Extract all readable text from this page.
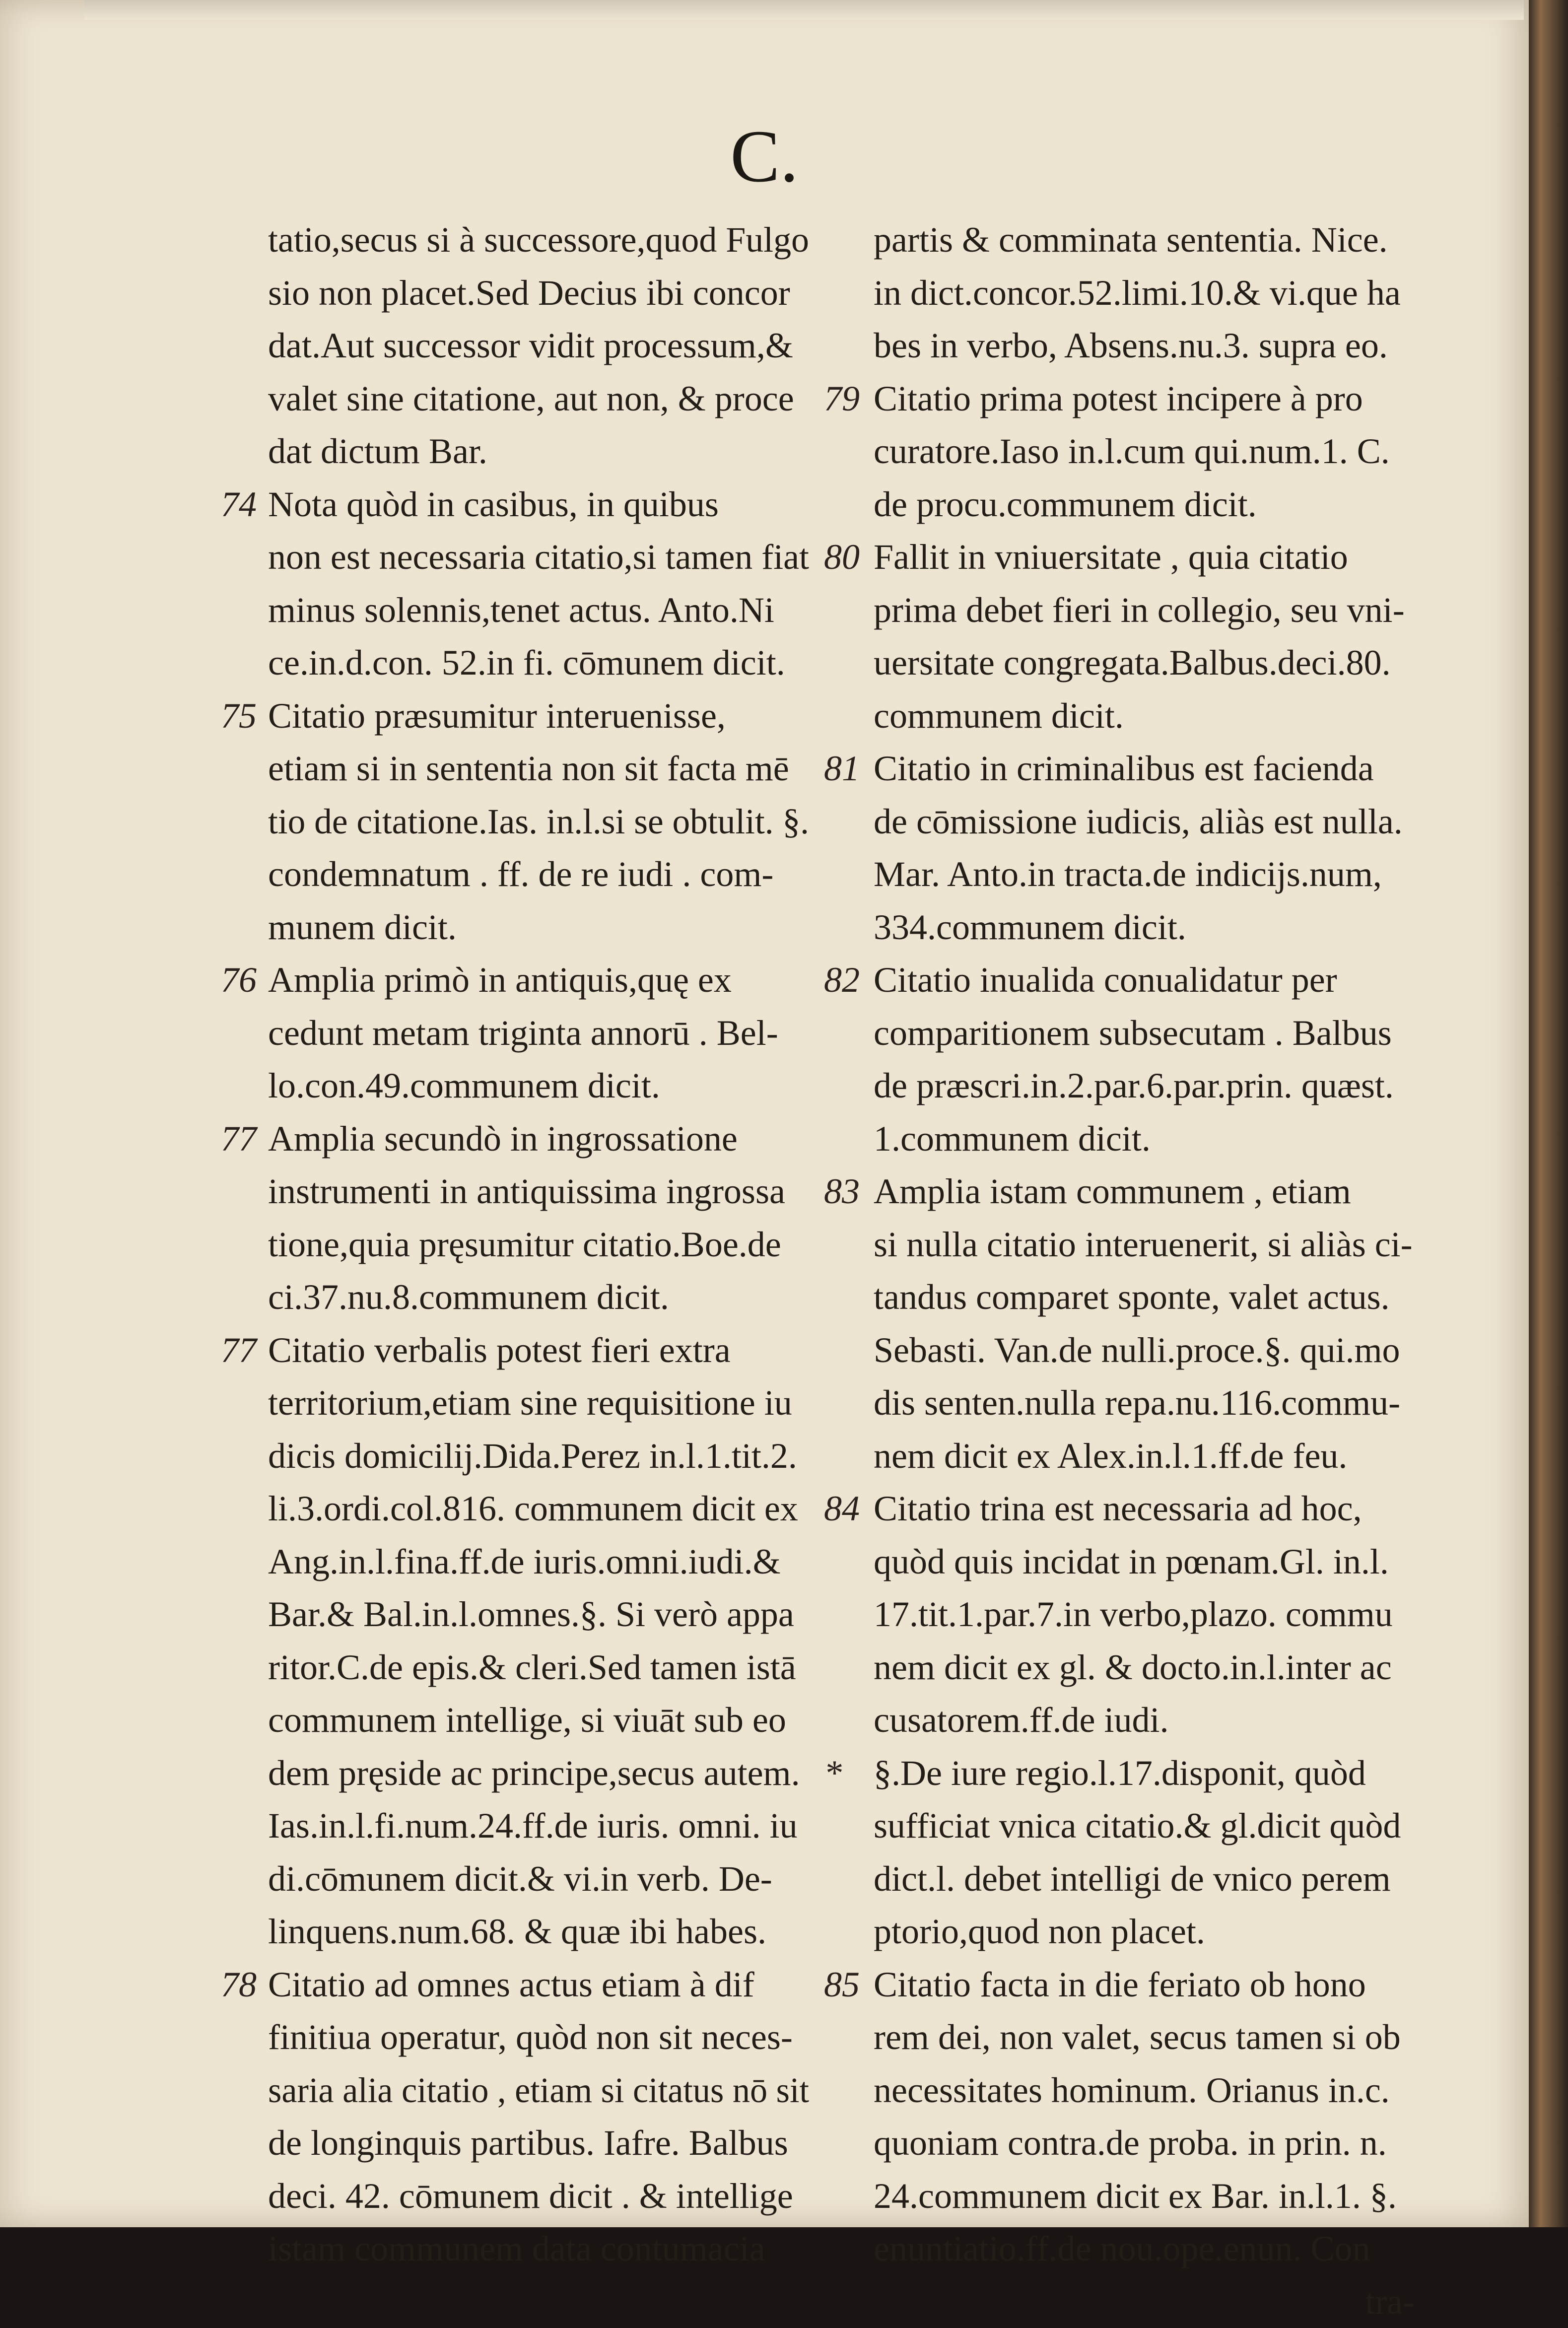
C.
tatio,secus si à successore,quod Fulgo
sio non placet.Sed Decius ibi concor
dat.Aut successor vidit processum,&
valet sine citatione, aut non, & proce
dat dictum Bar.
74 Nota quòd in casibus, in quibus
non est necessaria citatio,si tamen fiat
minus solennis,tenet actus. Anto.Ni
ce.in.d.con. 52.in fi. cōmunem dicit.
75 Citatio præsumitur interuenisse,
etiam si in sententia non sit facta mē
tio de citatione.Ias. in.l.si se obtulit. §.
condemnatum . ff. de re iudi . com-
munem dicit.
76 Amplia primò in antiquis,quę ex
cedunt metam triginta annorū . Bel-
lo.con.49.communem dicit.
77 Amplia secundò in ingrossatione
instrumenti in antiquissima ingrossa
tione,quia pręsumitur citatio.Boe.de
ci.37.nu.8.communem dicit.
77 Citatio verbalis potest fieri extra
territorium,etiam sine requisitione iu
dicis domicilij.Dida.Perez in.l.1.tit.2.
li.3.ordi.col.816. communem dicit ex
Ang.in.l.fina.ff.de iuris.omni.iudi.&
Bar.& Bal.in.l.omnes.§. Si verò appa
ritor.C.de epis.& cleri.Sed tamen istā
communem intellige, si viuāt sub eo
dem pręside ac principe,secus autem.
Ias.in.l.fi.num.24.ff.de iuris. omni. iu
di.cōmunem dicit.& vi.in verb. De-
linquens.num.68. & quæ ibi habes.
78 Citatio ad omnes actus etiam à dif
finitiua operatur, quòd non sit neces-
saria alia citatio , etiam si citatus nō sit
de longinquis partibus. Iafre. Balbus
deci. 42. cōmunem dicit . & intellige
istam communem data contumacia
partis & comminata sententia. Nice.
in dict.concor.52.limi.10.& vi.que ha
bes in verbo, Absens.nu.3. supra eo.
79 Citatio prima potest incipere à pro
curatore.Iaso in.l.cum qui.num.1. C.
de procu.communem dicit.
80 Fallit in vniuersitate , quia citatio
prima debet fieri in collegio, seu vni-
uersitate congregata.Balbus.deci.80.
communem dicit.
81 Citatio in criminalibus est facienda
de cōmissione iudicis, aliàs est nulla.
Mar. Anto.in tracta.de indicijs.num,
334.communem dicit.
82 Citatio inualida conualidatur per
comparitionem subsecutam . Balbus
de præscri.in.2.par.6.par.prin. quæst.
1.communem dicit.
83 Amplia istam communem , etiam
si nulla citatio interuenerit, si aliàs ci-
tandus comparet sponte, valet actus.
Sebasti. Van.de nulli.proce.§. qui.mo
dis senten.nulla repa.nu.116.commu-
nem dicit ex Alex.in.l.1.ff.de feu.
84 Citatio trina est necessaria ad hoc,
quòd quis incidat in pœnam.Gl. in.l.
17.tit.1.par.7.in verbo,plazo. commu
nem dicit ex gl. & docto.in.l.inter ac
cusatorem.ff.de iudi.
* §.De iure regio.l.17.disponit, quòd
sufficiat vnica citatio.& gl.dicit quòd
dict.l. debet intelligi de vnico perem
ptorio,quod non placet.
85 Citatio facta in die feriato ob hono
rem dei, non valet, secus tamen si ob
necessitates hominum. Orianus in.c.
quoniam contra.de proba. in prin. n.
24.communem dicit ex Bar. in.l.1. §.
enuntiatio.ff.de nou.ope.enun. Con
tra-
